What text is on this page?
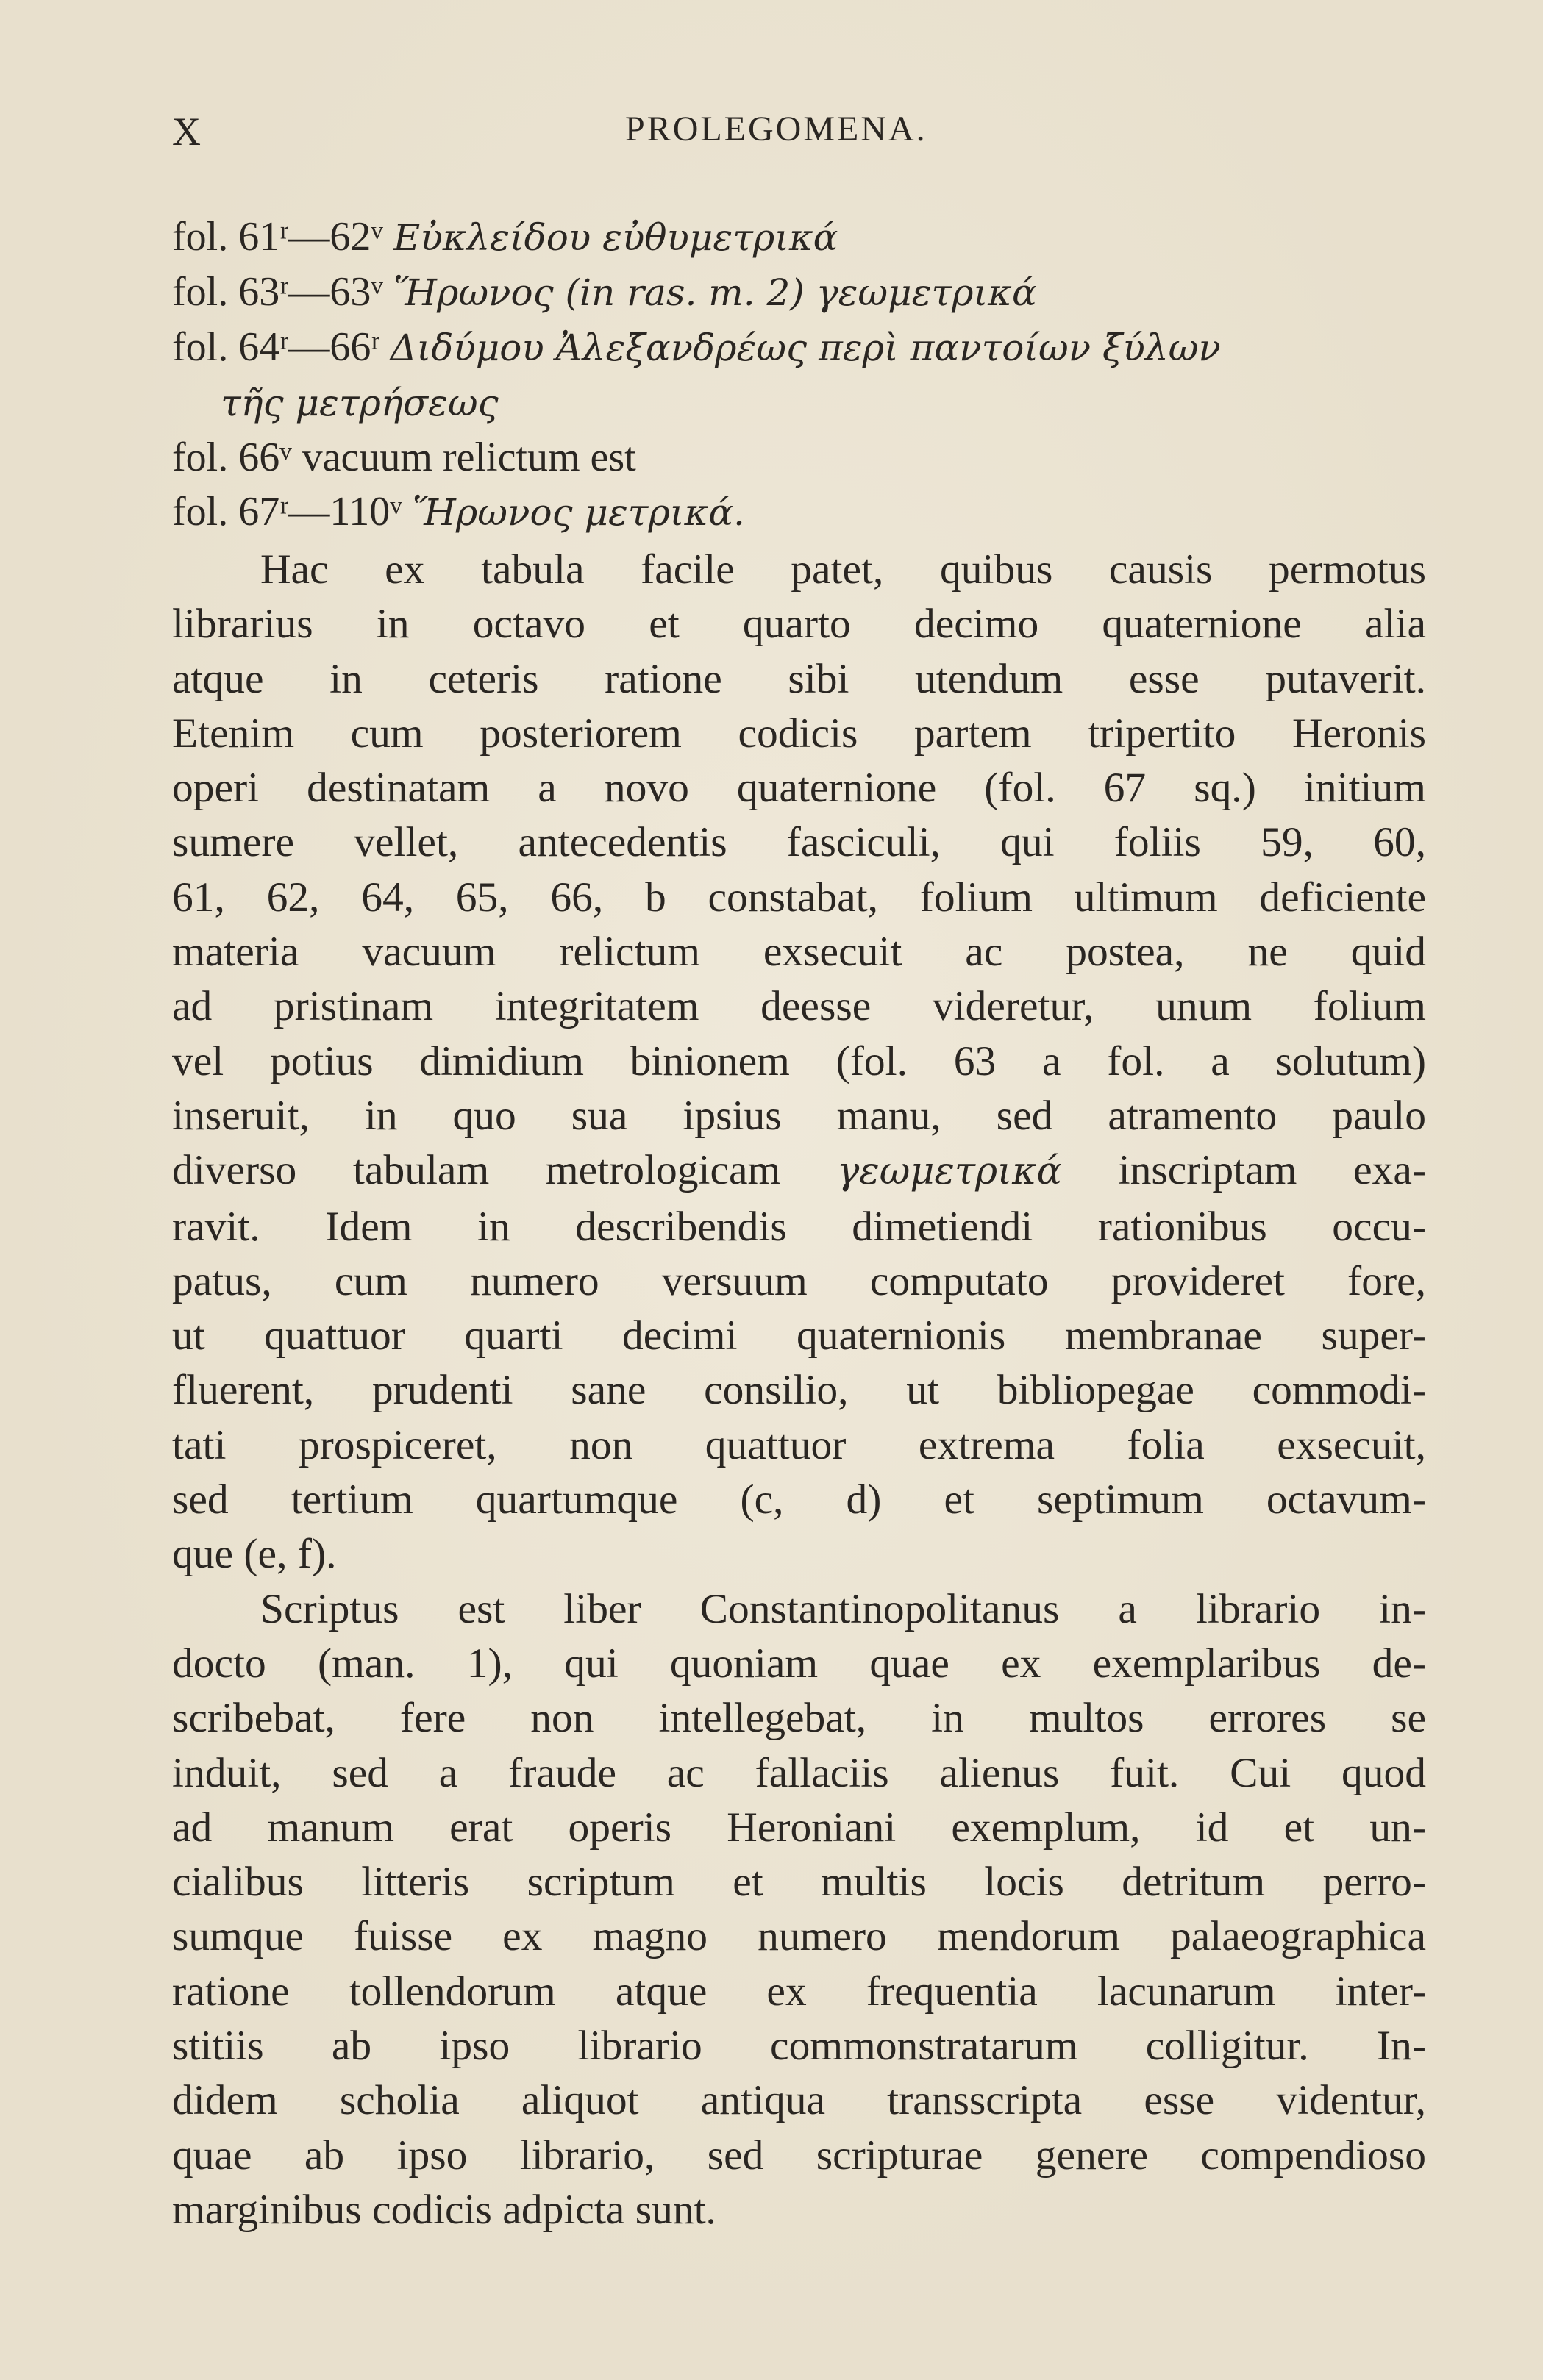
X	PROLEGOMENA.
fol. 61ʳ—62ᵛ Εὐκλείδου εὐθυμετρικά
fol. 63ʳ—63ᵛ Ἥρωνος (in ras. m. 2) γεωμετρικά
fol. 64ʳ—66ʳ Διδύμου Ἀλεξανδρέως περὶ παντοίων ξύλων
τῆς μετρήσεως
fol. 66ᵛ vacuum relictum est
fol. 67ʳ—110ᵛ Ἥρωνος μετρικά.
Hac ex tabula facile patet, quibus causis permotus
librarius in octavo et quarto decimo quaternione alia
atque in ceteris ratione sibi utendum esse putaverit.
Etenim cum posteriorem codicis partem tripertito Heronis
operi destinatam a novo quaternione (fol. 67 sq.) initium
sumere vellet, antecedentis fasciculi, qui foliis 59, 60,
61, 62, 64, 65, 66, b constabat, folium ultimum deficiente
materia vacuum relictum exsecuit ac postea, ne quid
ad pristinam integritatem deesse videretur, unum folium
vel potius dimidium binionem (fol. 63 a fol. a solutum)
inseruit, in quo sua ipsius manu, sed atramento paulo
diverso tabulam metrologicam γεωμετρικά inscriptam exa-
ravit. Idem in describendis dimetiendi rationibus occu-
patus, cum numero versuum computato provideret fore,
ut quattuor quarti decimi quaternionis membranae super-
fluerent, prudenti sane consilio, ut bibliopegae commodi-
tati prospiceret, non quattuor extrema folia exsecuit,
sed tertium quartumque (c, d) et septimum octavum-
que (e, f).
Scriptus est liber Constantinopolitanus a librario in-
docto (man. 1), qui quoniam quae ex exemplaribus de-
scribebat, fere non intellegebat, in multos errores se
induit, sed a fraude ac fallaciis alienus fuit. Cui quod
ad manum erat operis Heroniani exemplum, id et un-
cialibus litteris scriptum et multis locis detritum perro-
sumque fuisse ex magno numero mendorum palaeographica
ratione tollendorum atque ex frequentia lacunarum inter-
stitiis ab ipso librario commonstratarum colligitur. In-
didem scholia aliquot antiqua transscripta esse videntur,
quae ab ipso librario, sed scripturae genere compendioso
marginibus codicis adpicta sunt.
